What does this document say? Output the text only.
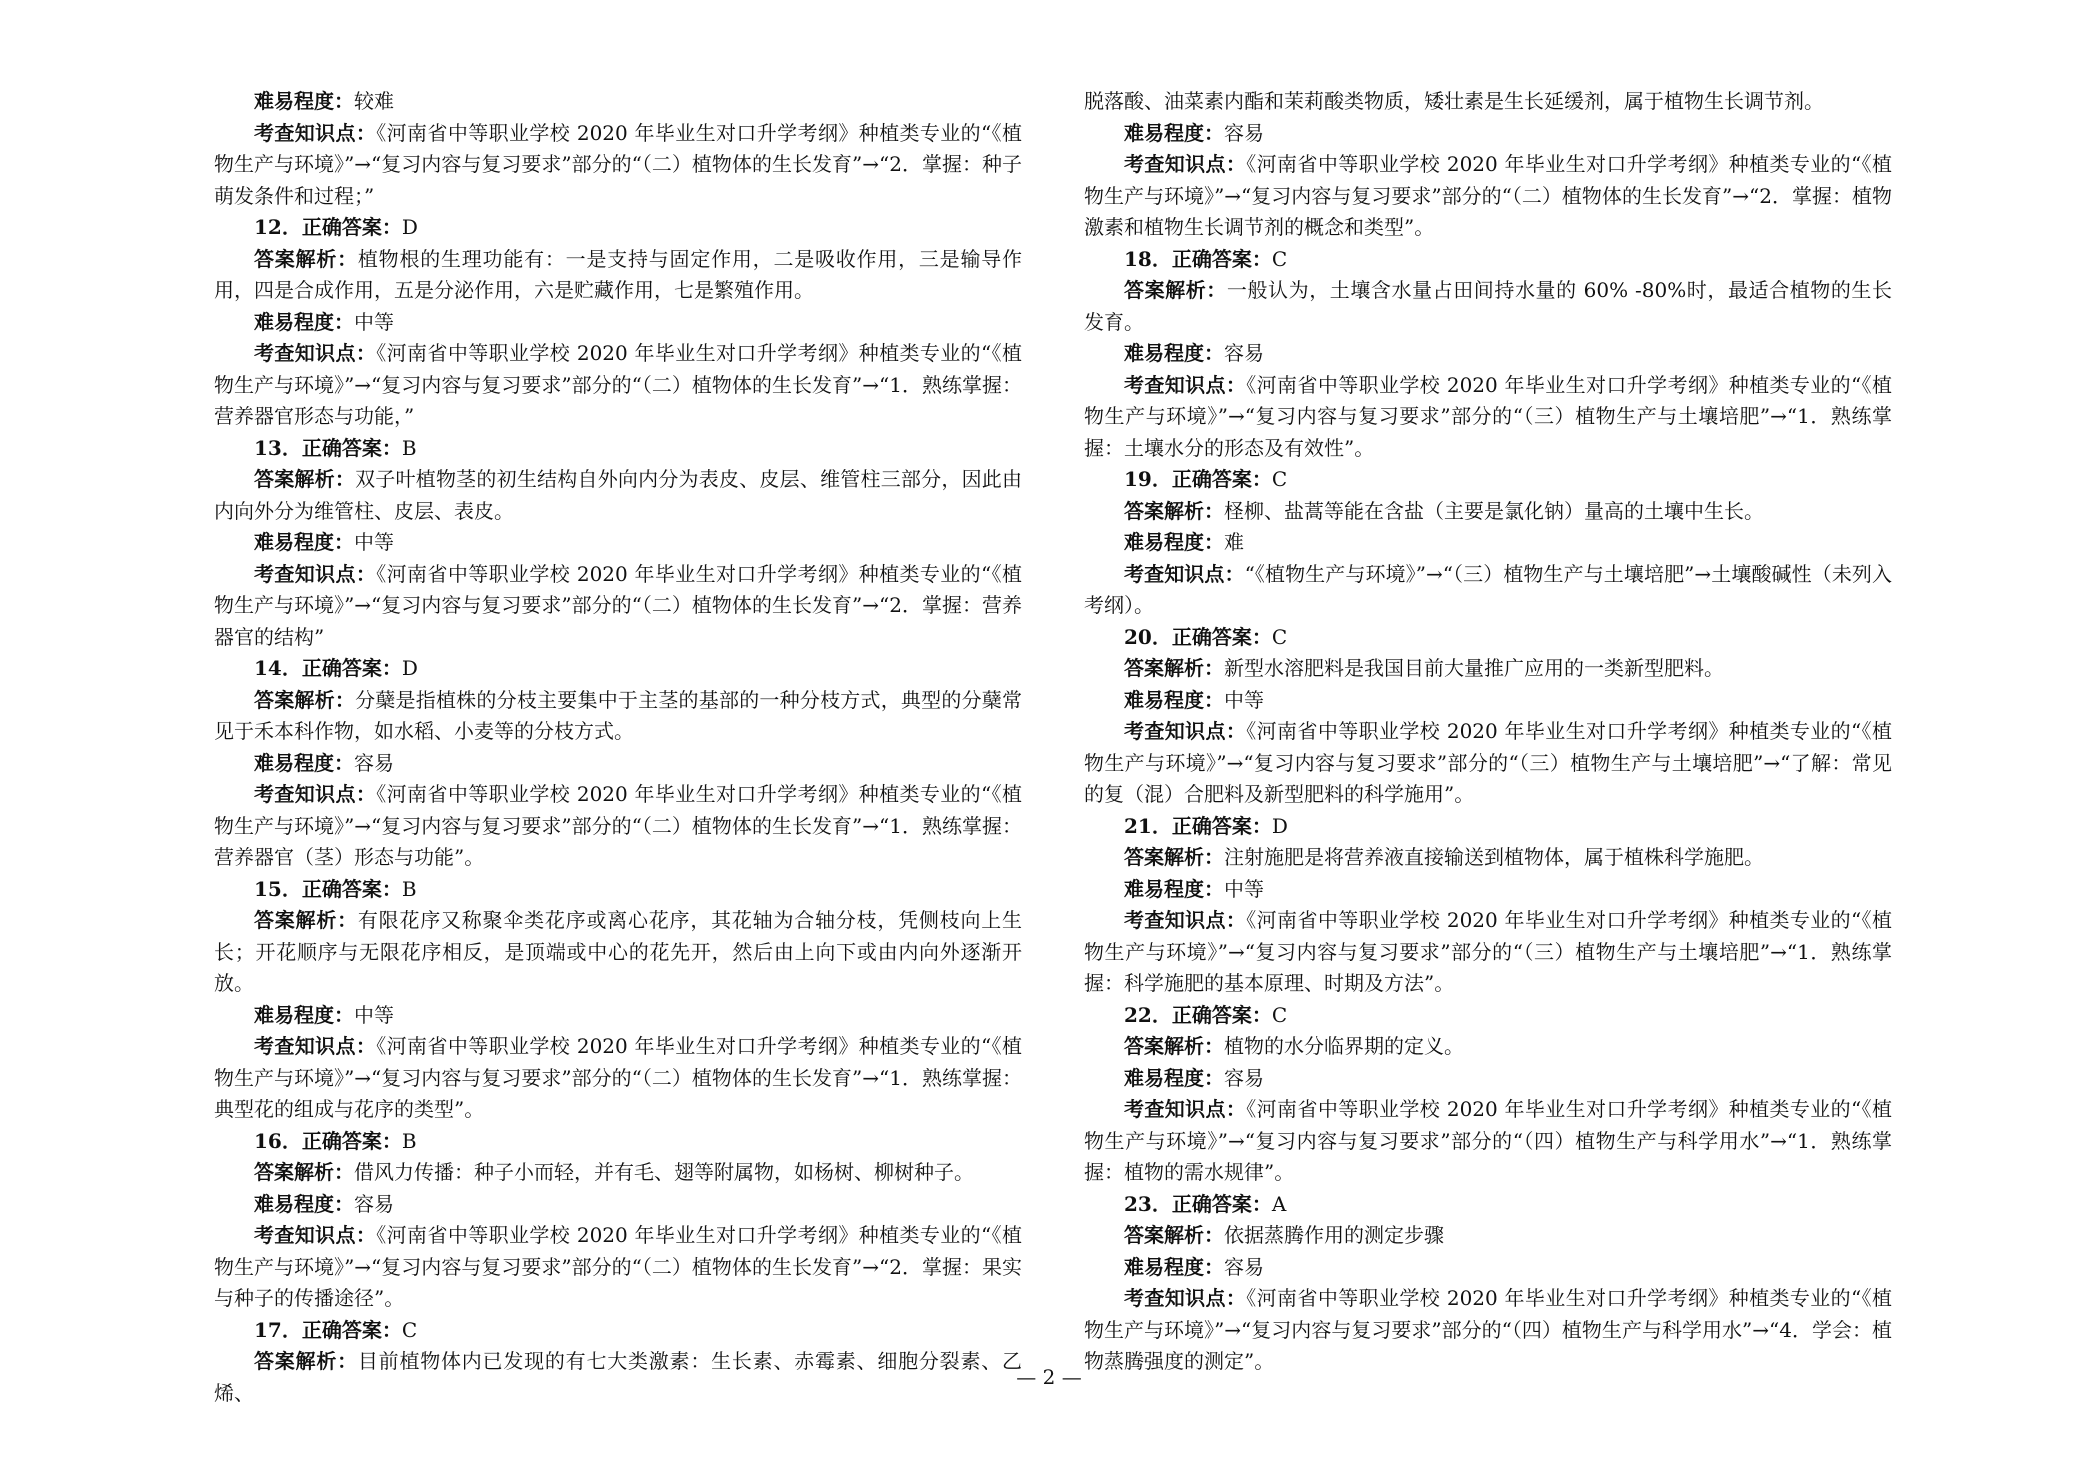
难易程度：较难

考查知识点：《河南省中等职业学校 2020 年毕业生对口升学考纲》种植类专业的“《植物生产与环境》”→“复习内容与复习要求”部分的“（二）植物体的生长发育”→“2．掌握：种子萌发条件和过程；”

12．正确答案：D

答案解析：植物根的生理功能有：一是支持与固定作用，二是吸收作用，三是输导作用，四是合成作用，五是分泌作用，六是贮藏作用，七是繁殖作用。

难易程度：中等

考查知识点：《河南省中等职业学校 2020 年毕业生对口升学考纲》种植类专业的“《植物生产与环境》”→“复习内容与复习要求”部分的“（二）植物体的生长发育”→“1．熟练掌握：营养器官形态与功能，”

13．正确答案：B

答案解析：双子叶植物茎的初生结构自外向内分为表皮、皮层、维管柱三部分，因此由内向外分为维管柱、皮层、表皮。

难易程度：中等

考查知识点：《河南省中等职业学校 2020 年毕业生对口升学考纲》种植类专业的“《植物生产与环境》”→“复习内容与复习要求”部分的“（二）植物体的生长发育”→“2．掌握：营养器官的结构”

14．正确答案：D

答案解析：分蘖是指植株的分枝主要集中于主茎的基部的一种分枝方式，典型的分蘖常见于禾本科作物，如水稻、小麦等的分枝方式。

难易程度：容易

考查知识点：《河南省中等职业学校 2020 年毕业生对口升学考纲》种植类专业的“《植物生产与环境》”→“复习内容与复习要求”部分的“（二）植物体的生长发育”→“1．熟练掌握：营养器官（茎）形态与功能”。

15．正确答案：B

答案解析：有限花序又称聚伞类花序或离心花序，其花轴为合轴分枝，凭侧枝向上生长；开花顺序与无限花序相反，是顶端或中心的花先开，然后由上向下或由内向外逐渐开放。

难易程度：中等

考查知识点：《河南省中等职业学校 2020 年毕业生对口升学考纲》种植类专业的“《植物生产与环境》”→“复习内容与复习要求”部分的“（二）植物体的生长发育”→“1．熟练掌握：典型花的组成与花序的类型”。

16．正确答案：B

答案解析：借风力传播：种子小而轻，并有毛、翅等附属物，如杨树、柳树种子。

难易程度：容易

考查知识点：《河南省中等职业学校 2020 年毕业生对口升学考纲》种植类专业的“《植物生产与环境》”→“复习内容与复习要求”部分的“（二）植物体的生长发育”→“2．掌握：果实与种子的传播途径”。

17．正确答案：C

答案解析：目前植物体内已发现的有七大类激素：生长素、赤霉素、细胞分裂素、乙烯、

脱落酸、油菜素内酯和茉莉酸类物质，矮壮素是生长延缓剂，属于植物生长调节剂。

难易程度：容易

考查知识点：《河南省中等职业学校 2020 年毕业生对口升学考纲》种植类专业的“《植物生产与环境》”→“复习内容与复习要求”部分的“（二）植物体的生长发育”→“2．掌握：植物激素和植物生长调节剂的概念和类型”。

18．正确答案：C

答案解析：一般认为，土壤含水量占田间持水量的 60% -80%时，最适合植物的生长发育。

难易程度：容易

考查知识点：《河南省中等职业学校 2020 年毕业生对口升学考纲》种植类专业的“《植物生产与环境》”→“复习内容与复习要求”部分的“（三）植物生产与土壤培肥”→“1．熟练掌握：土壤水分的形态及有效性”。

19．正确答案：C

答案解析：柽柳、盐蒿等能在含盐（主要是氯化钠）量高的土壤中生长。

难易程度：难

考查知识点：“《植物生产与环境》”→“（三）植物生产与土壤培肥”→土壤酸碱性（未列入考纲）。

20．正确答案：C

答案解析：新型水溶肥料是我国目前大量推广应用的一类新型肥料。

难易程度：中等

考查知识点：《河南省中等职业学校 2020 年毕业生对口升学考纲》种植类专业的“《植物生产与环境》”→“复习内容与复习要求”部分的“（三）植物生产与土壤培肥”→“了解：常见的复（混）合肥料及新型肥料的科学施用”。

21．正确答案：D

答案解析：注射施肥是将营养液直接输送到植物体，属于植株科学施肥。

难易程度：中等

考查知识点：《河南省中等职业学校 2020 年毕业生对口升学考纲》种植类专业的“《植物生产与环境》”→“复习内容与复习要求”部分的“（三）植物生产与土壤培肥”→“1．熟练掌握：科学施肥的基本原理、时期及方法”。

22．正确答案：C

答案解析：植物的水分临界期的定义。

难易程度：容易

考查知识点：《河南省中等职业学校 2020 年毕业生对口升学考纲》种植类专业的“《植物生产与环境》”→“复习内容与复习要求”部分的“（四）植物生产与科学用水”→“1．熟练掌握：植物的需水规律”。

23．正确答案：A

答案解析：依据蒸腾作用的测定步骤

难易程度：容易

考查知识点：《河南省中等职业学校 2020 年毕业生对口升学考纲》种植类专业的“《植物生产与环境》”→“复习内容与复习要求”部分的“（四）植物生产与科学用水”→“4．学会：植物蒸腾强度的测定”。

— 2 —
